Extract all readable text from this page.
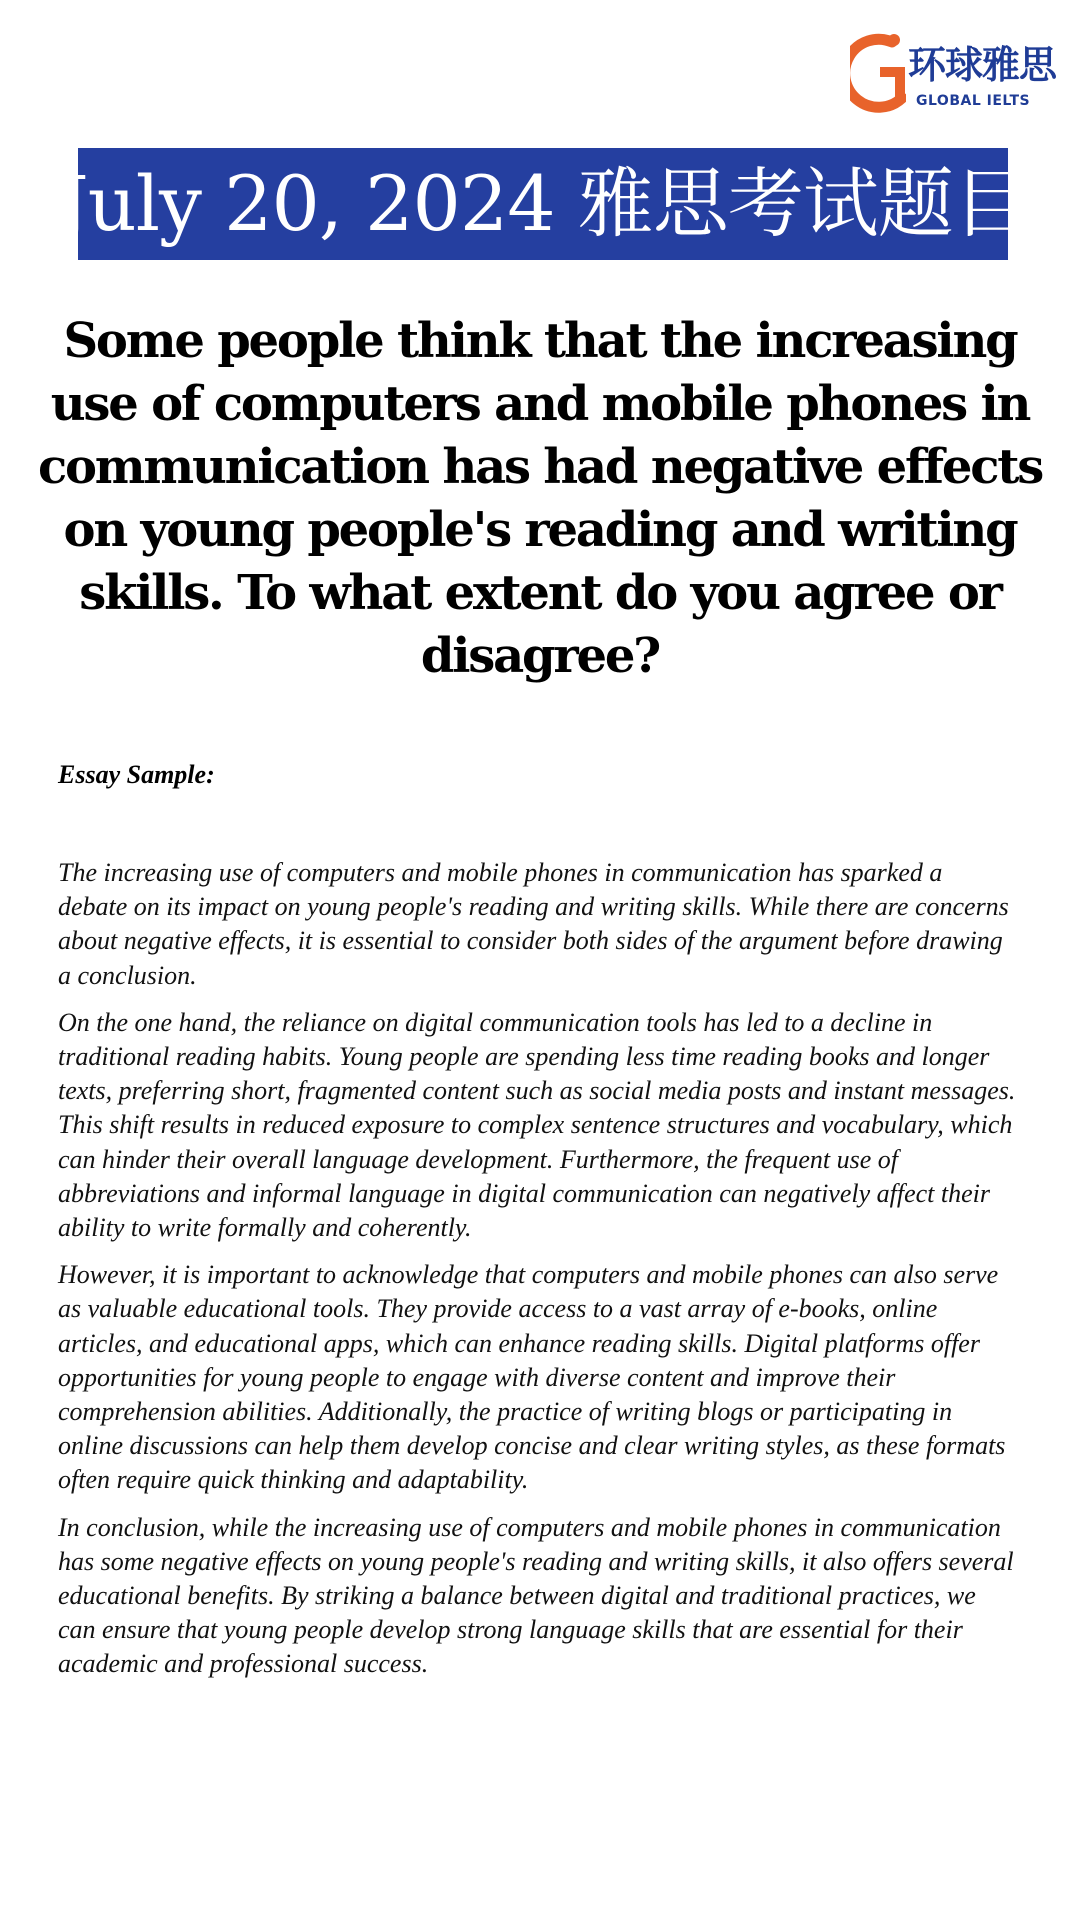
环球雅思
GLOBAL IELTS
July 20, 2024 雅思考试题目
Some people think that the increasing use of computers and mobile phones in communication has had negative effects on young people's reading and writing skills. To what extent do you agree or disagree?
Essay Sample:

The increasing use of computers and mobile phones in communication has sparked a debate on its impact on young people's reading and writing skills. While there are concerns about negative effects, it is essential to consider both sides of the argument before drawing a conclusion.

On the one hand, the reliance on digital communication tools has led to a decline in traditional reading habits. Young people are spending less time reading books and longer texts, preferring short, fragmented content such as social media posts and instant messages. This shift results in reduced exposure to complex sentence structures and vocabulary, which can hinder their overall language development. Furthermore, the frequent use of abbreviations and informal language in digital communication can negatively affect their ability to write formally and coherently.

However, it is important to acknowledge that computers and mobile phones can also serve as valuable educational tools. They provide access to a vast array of e-books, online articles, and educational apps, which can enhance reading skills. Digital platforms offer opportunities for young people to engage with diverse content and improve their comprehension abilities. Additionally, the practice of writing blogs or participating in online discussions can help them develop concise and clear writing styles, as these formats often require quick thinking and adaptability.

In conclusion, while the increasing use of computers and mobile phones in communication has some negative effects on young people's reading and writing skills, it also offers several educational benefits. By striking a balance between digital and traditional practices, we can ensure that young people develop strong language skills that are essential for their academic and professional success.
